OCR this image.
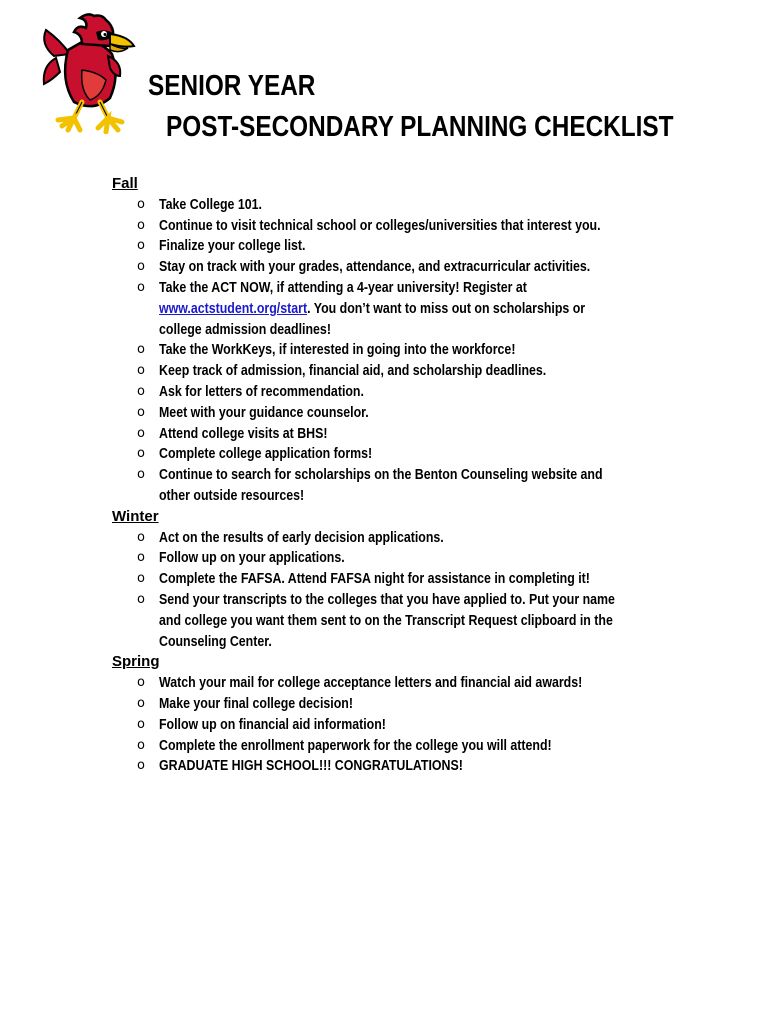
SENIOR YEAR
POST-SECONDARY PLANNING CHECKLIST
Fall
o Take College 101.
o Continue to visit technical school or colleges/universities that interest you.
o Finalize your college list.
o Stay on track with your grades, attendance, and extracurricular activities.
o Take the ACT NOW, if attending a 4-year university! Register at
www.actstudent.org/start. You don’t want to miss out on scholarships or
college admission deadlines!
o Take the WorkKeys, if interested in going into the workforce!
o Keep track of admission, financial aid, and scholarship deadlines.
o Ask for letters of recommendation.
o Meet with your guidance counselor.
o Attend college visits at BHS!
o Complete college application forms!
o Continue to search for scholarships on the Benton Counseling website and
other outside resources!
Winter
o Act on the results of early decision applications.
o Follow up on your applications.
o Complete the FAFSA. Attend FAFSA night for assistance in completing it!
o Send your transcripts to the colleges that you have applied to. Put your name
and college you want them sent to on the Transcript Request clipboard in the
Counseling Center.
Spring
o Watch your mail for college acceptance letters and financial aid awards!
o Make your final college decision!
o Follow up on financial aid information!
o Complete the enrollment paperwork for the college you will attend!
o GRADUATE HIGH SCHOOL!!! CONGRATULATIONS!
